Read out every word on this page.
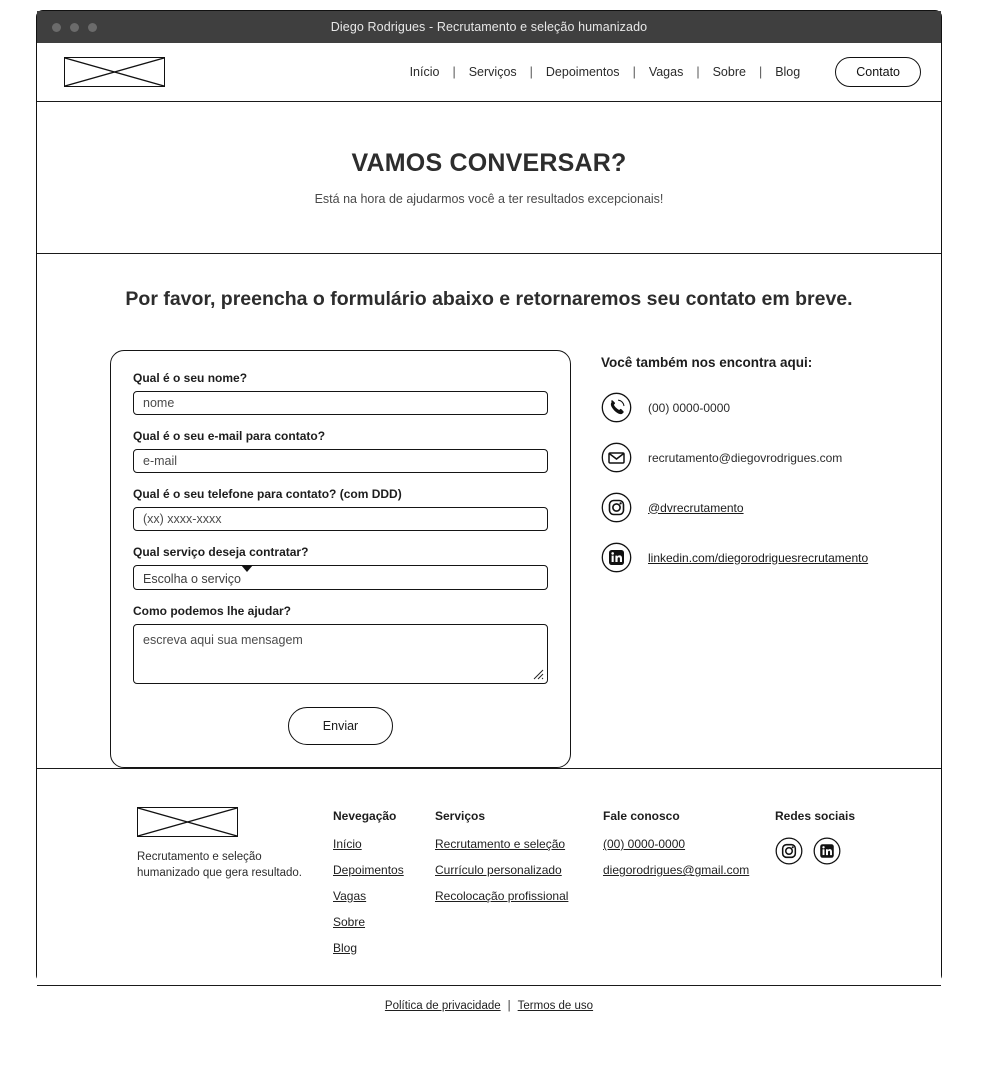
Diego Rodrigues - Recrutamento e seleção humanizado
Início	|	Serviços	|	Depoimentos	|	Vagas	|	Sobre	|	Blog	Contato
VAMOS CONVERSAR?

Está na hora de ajudarmos você a ter resultados excepcionais!

Por favor, preencha o formulário abaixo e retornaremos seu contato em breve.
Qual é o seu nome?
nome
Qual é o seu e-mail para contato?
e-mail
Qual é o seu telefone para contato? (com DDD)
(xx) xxxx-xxxx
Qual serviço deseja contratar?
Escolha o serviço
Como podemos lhe ajudar?
escreva aqui sua mensagem
Enviar
Você também nos encontra aqui:
(00) 0000-0000
recrutamento@diegovrodrigues.com
@dvrecrutamento
linkedin.com/diegorodriguesrecrutamento
Recrutamento e seleção humanizado que gera resultado.
Nevegação
Início
Depoimentos
Vagas
Sobre
Blog
Serviços
Recrutamento e seleção
Currículo personalizado
Recolocação profissional
Fale conosco
(00) 0000-0000
diegorodrigues@gmail.com
Redes sociais
Política de privacidade | Termos de uso
